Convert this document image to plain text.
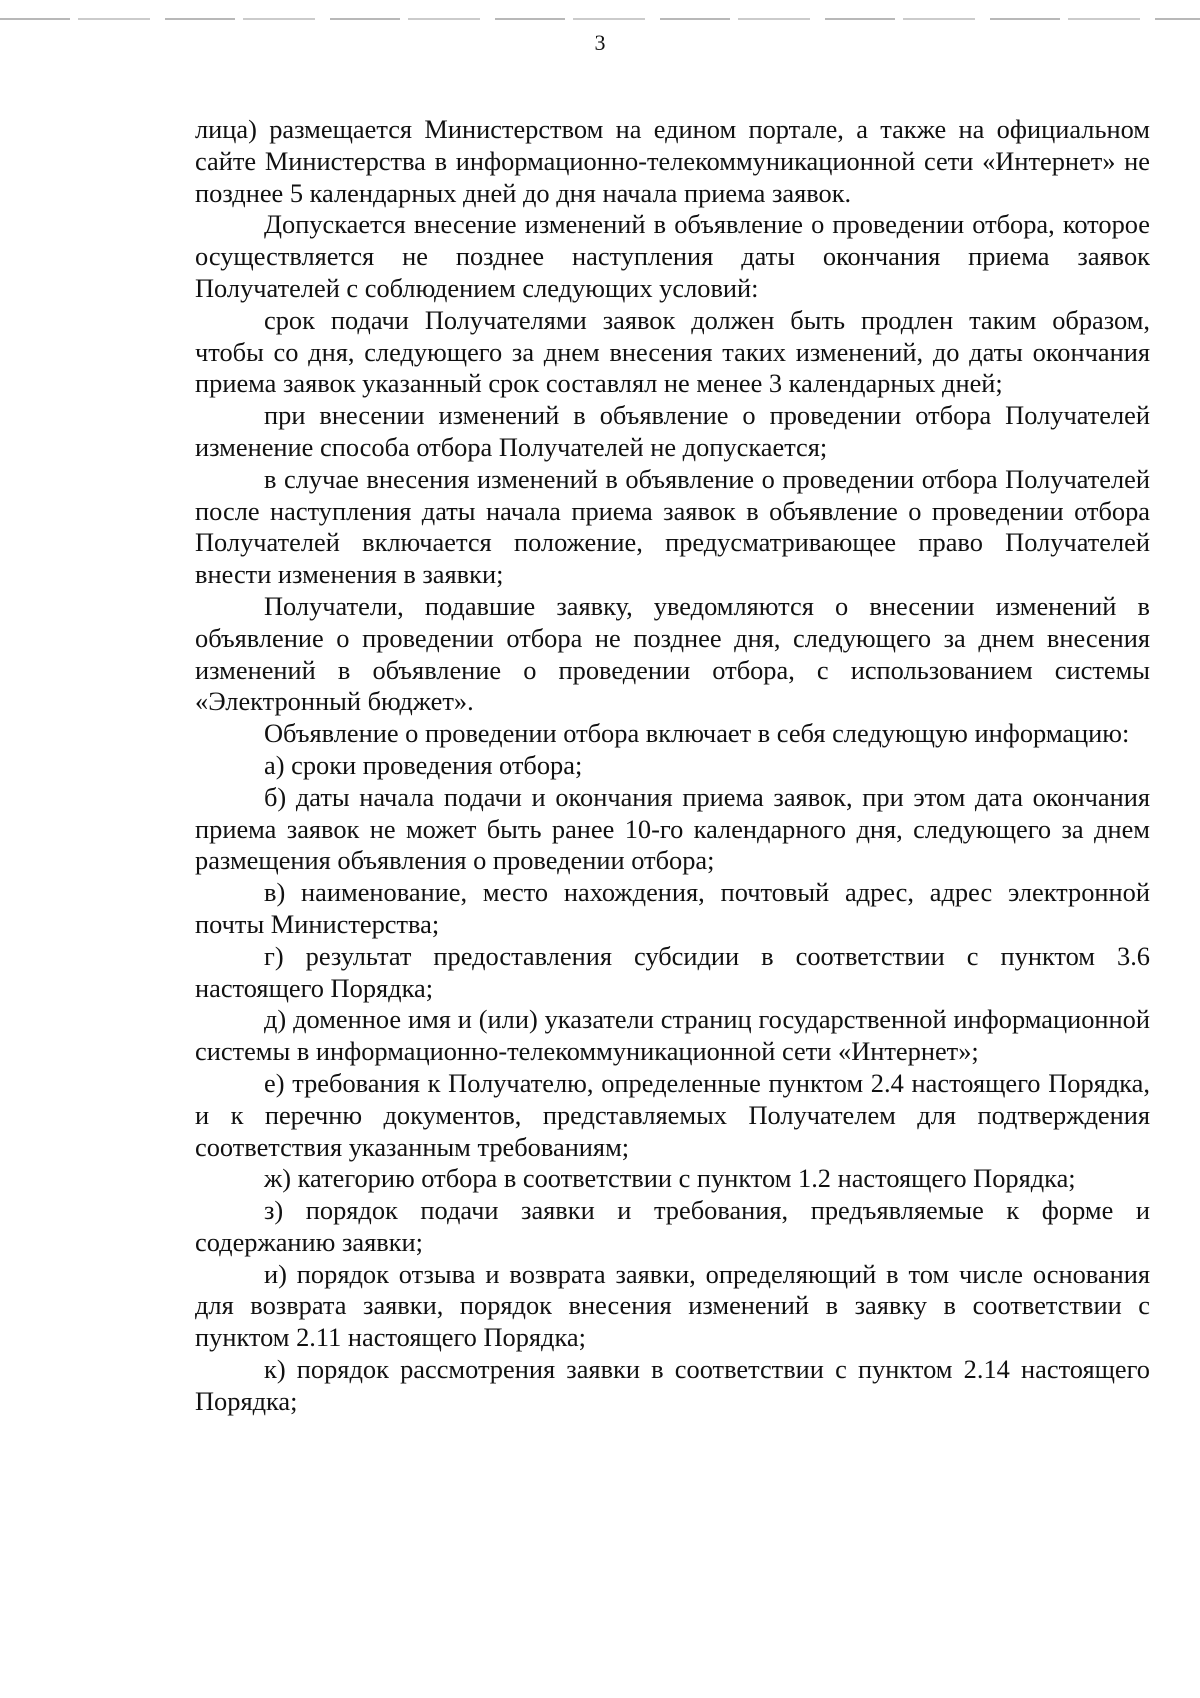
3

лица) размещается Министерством на едином портале, а также на официальном сайте Министерства в информационно-телекоммуникационной сети «Интернет» не позднее 5 календарных дней до дня начала приема заявок.

Допускается внесение изменений в объявление о проведении отбора, которое осуществляется не позднее наступления даты окончания приема заявок Получателей с соблюдением следующих условий:

срок подачи Получателями заявок должен быть продлен таким образом, чтобы со дня, следующего за днем внесения таких изменений, до даты окончания приема заявок указанный срок составлял не менее 3 календарных дней;

при внесении изменений в объявление о проведении отбора Получателей изменение способа отбора Получателей не допускается;

в случае внесения изменений в объявление о проведении отбора Получателей после наступления даты начала приема заявок в объявление о проведении отбора Получателей включается положение, предусматривающее право Получателей внести изменения в заявки;

Получатели, подавшие заявку, уведомляются о внесении изменений в объявление о проведении отбора не позднее дня, следующего за днем внесения изменений в объявление о проведении отбора, с использованием системы «Электронный бюджет».

Объявление о проведении отбора включает в себя следующую информацию:

а) сроки проведения отбора;

б) даты начала подачи и окончания приема заявок, при этом дата окончания приема заявок не может быть ранее 10-го календарного дня, следующего за днем размещения объявления о проведении отбора;

в) наименование, место нахождения, почтовый адрес, адрес электронной почты Министерства;

г) результат предоставления субсидии в соответствии с пунктом 3.6 настоящего Порядка;

д) доменное имя и (или) указатели страниц государственной информационной системы в информационно-телекоммуникационной сети «Интернет»;

е) требования к Получателю, определенные пунктом 2.4 настоящего Порядка, и к перечню документов, представляемых Получателем для подтверждения соответствия указанным требованиям;

ж) категорию отбора в соответствии с пунктом 1.2 настоящего Порядка;

з) порядок подачи заявки и требования, предъявляемые к форме и содержанию заявки;

и) порядок отзыва и возврата заявки, определяющий в том числе основания для возврата заявки, порядок внесения изменений в заявку в соответствии с пунктом 2.11 настоящего Порядка;

к) порядок рассмотрения заявки в соответствии с пунктом 2.14 настоящего Порядка;
